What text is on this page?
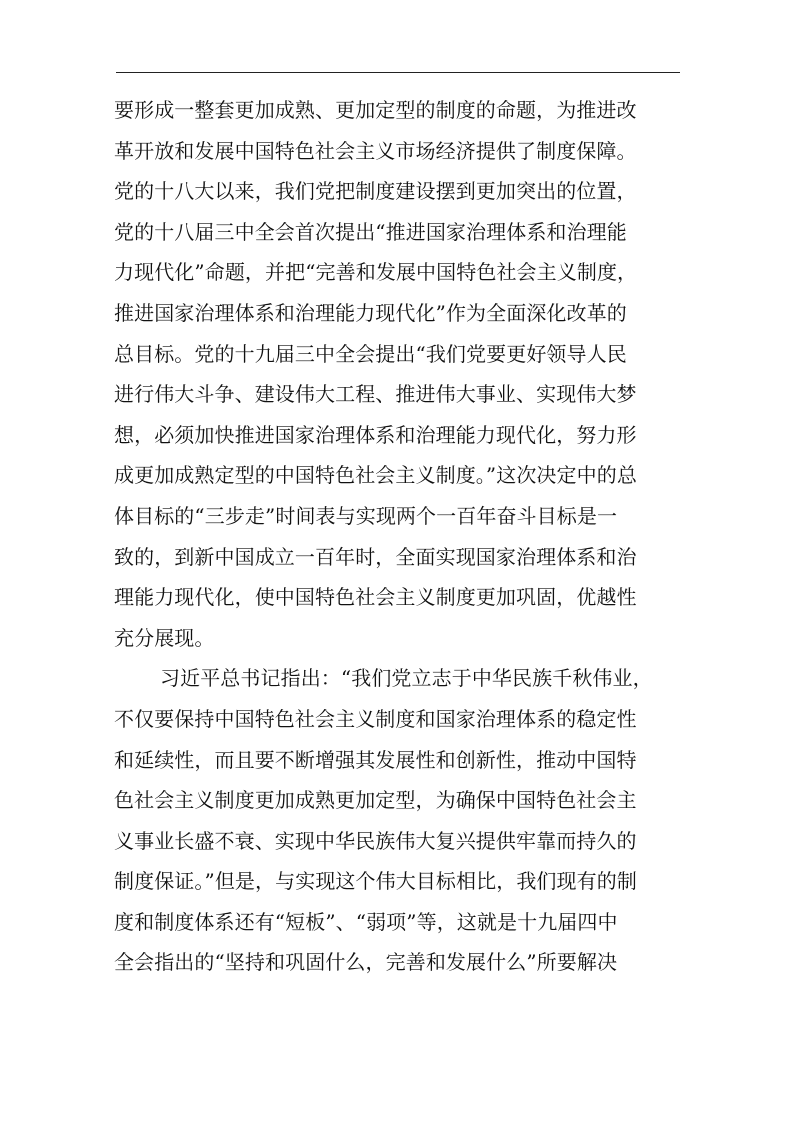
要形成一整套更加成熟、更加定型的制度的命题，为推进改
革开放和发展中国特色社会主义市场经济提供了制度保障。
党的十八大以来，我们党把制度建设摆到更加突出的位置，
党的十八届三中全会首次提出“推进国家治理体系和治理能
力现代化”命题，并把“完善和发展中国特色社会主义制度，
推进国家治理体系和治理能力现代化”作为全面深化改革的
总目标。党的十九届三中全会提出“我们党要更好领导人民
进行伟大斗争、建设伟大工程、推进伟大事业、实现伟大梦
想，必须加快推进国家治理体系和治理能力现代化，努力形
成更加成熟定型的中国特色社会主义制度。”这次决定中的总
体目标的“三步走”时间表与实现两个一百年奋斗目标是一
致的，到新中国成立一百年时，全面实现国家治理体系和治
理能力现代化，使中国特色社会主义制度更加巩固，优越性
充分展现。
习近平总书记指出：“我们党立志于中华民族千秋伟业，
不仅要保持中国特色社会主义制度和国家治理体系的稳定性
和延续性，而且要不断增强其发展性和创新性，推动中国特
色社会主义制度更加成熟更加定型，为确保中国特色社会主
义事业长盛不衰、实现中华民族伟大复兴提供牢靠而持久的
制度保证。”但是，与实现这个伟大目标相比，我们现有的制
度和制度体系还有“短板”、“弱项”等，这就是十九届四中
全会指出的“坚持和巩固什么，完善和发展什么”所要解决
